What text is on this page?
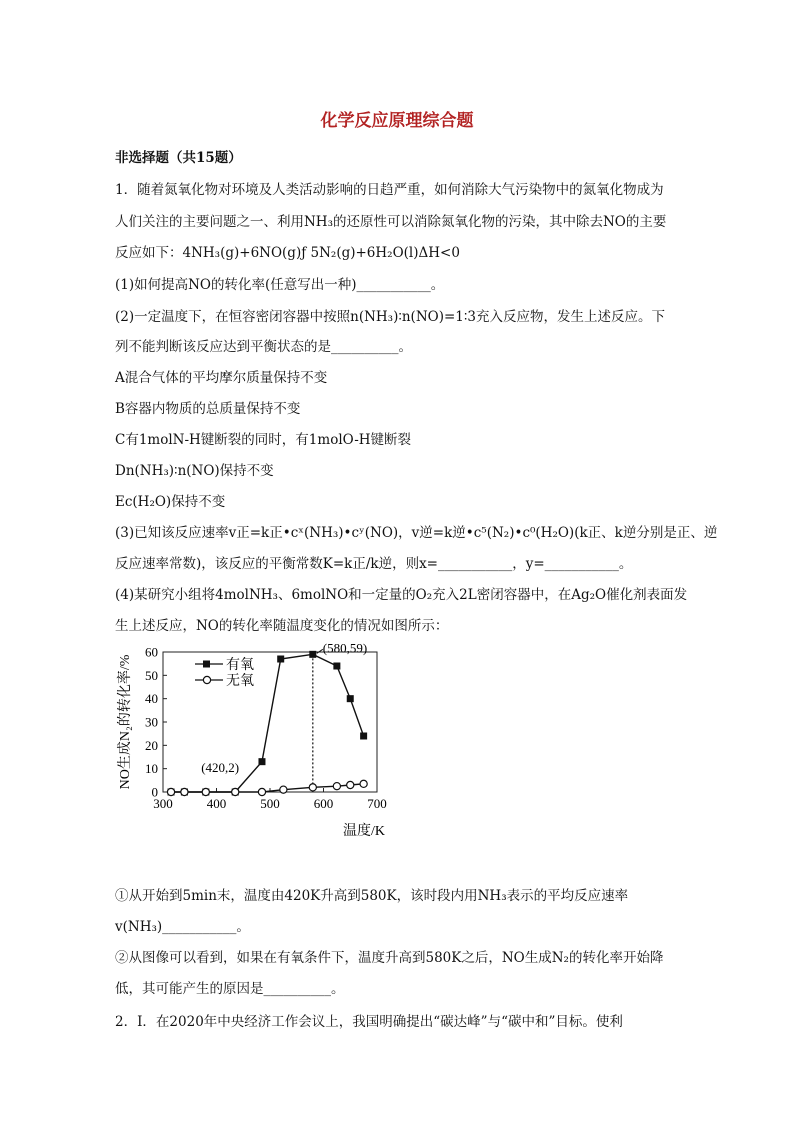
化学反应原理综合题
非选择题（共15题）
1．随着氮氧化物对环境及人类活动影响的日趋严重，如何消除大气污染物中的氮氧化物成为
人们关注的主要问题之一、利用NH₃的还原性可以消除氮氧化物的污染，其中除去NO的主要
反应如下：4NH₃(g)+6NO(g)ƒ 5N₂(g)+6H₂O(l)ΔH<0
(1)如何提高NO的转化率(任意写出一种)___________。
(2)一定温度下，在恒容密闭容器中按照n(NH₃)∶n(NO)=1∶3充入反应物，发生上述反应。下
列不能判断该反应达到平衡状态的是__________。
A混合气体的平均摩尔质量保持不变
B容器内物质的总质量保持不变
C有1molN-H键断裂的同时，有1molO-H键断裂
Dn(NH₃)∶n(NO)保持不变
Ec(H₂O)保持不变
(3)已知该反应速率v正=k正•cˣ(NH₃)•cʸ(NO)，v逆=k逆•c⁵(N₂)•c⁰(H₂O)(k正、k逆分别是正、逆
反应速率常数)，该反应的平衡常数K=k正/k逆，则x=___________，y=___________。
(4)某研究小组将4molNH₃、6molNO和一定量的O₂充入2L密闭容器中，在Ag₂O催化剂表面发
生上述反应，NO的转化率随温度变化的情况如图所示：
300	400	500	600	700
0
10
20
30
40
50
60
有氧
无氧
(420,2)
(580,59)
NO生成N₂的转化率/%
温度/K
①从开始到5min末，温度由420K升高到580K，该时段内用NH₃表示的平均反应速率
v(NH₃)___________。
②从图像可以看到，如果在有氧条件下，温度升高到580K之后，NO生成N₂的转化率开始降
低，其可能产生的原因是__________。
2．Ⅰ．在2020年中央经济工作会议上，我国明确提出“碳达峰”与“碳中和”目标。使利
